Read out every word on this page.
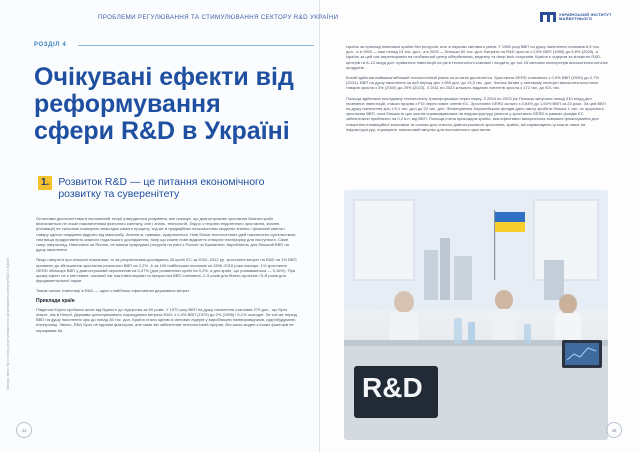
Міжнар. зміни: бути готови до регулювання та фінансування розвитку R&D в Україні
РОЗДІЛ 4
Очікувані ефекти від реформування сфери R&D в Україні
1. Розвиток R&D — це питання економічного розвитку та суверенітету

Останніми десятиліттями в економічній теорії утвердилося розуміння, яке показує, що довгострокове зростання багатих країн визначається не лише накопиченням фізичного капіталу, але і знань, технологій. Згідно з теорією ендогенного зростання, знання (інновації) не сильніше показують внаслідок самого процесу, тод же в традиційних неокласичних моделях знання і фізичний капітал товару одного опадання відрізно від масштабу. Знання ж, навпаки, кумулюються. Нові блоки технологічних ідей накопичено суспільством, тим вища продуктивність кожного подальшого дослідження, тому що кожне нове відкриття створює платформу для наступного. Саме тому, наприклад, Німеччина чи Японія, не маючи природних ресурсів на рівні з Росією чи Бразилією, виробляють для більший ВВП на душу населення.

Якщо говорити про кількісні показники, то за результатами досліджень 28 країн ЄС за 2002–2012 рр. зростання витрат на R&D на 1% ВВП призвело до збільшення зростання реального ВВП на 2,2%. А за 100 найбільших економік за 1996–2015 роки показує: 1% зростання GERD збільшує ВВП у довгостроковій перспективі на 0,07% (для розвинених країн на 0,2%, а для країн, що розвиваються — 0,16%). При цьому ефект не є миттєвим: часовий лаг між інвестиціями та приростом ВВП становить 2–5 років для бізнес-проєктів і 5–8 років для фундаментальної науки.

Таким чином, інвестиції в R&D — одна з найбільш ефективних державних витрат.

Приклади країн

Південна Корея пройшла шлях від бідності до лідерства за 50 років. У 1970 році ВВП на душу населення становив 279 дол., що було нижче, ніж в Нігерії. Держава цілеспрямовано нарощувала витрати R&D: з 0,4% ВВП (1970) до 2% (1995) і 5,1% сьогодні. За той же період ВВП на душу населення зріс до понад 36 тис. дол. Країна стала одним із світових лідерів у виробництві напівпровідників, суднобудуванні, електроніці. Звісно, R&D було не єдиним фактором, але саме він забезпечив технологічний прорив, без якого жоден з інших факторів не спрацював би.

44
ПРОБЛЕМИ РЕГУЛЮВАННЯ ТА СТИМУЛЮВАННЯ СЕКТОРУ R&D УКРАЇНИ	УКРАЇНСЬКИЙ ІНСТИТУТ
МАЙБУТНЬОГО

Ізраїль як приклад невеликої країни без ресурсів, але зі науково світового рівня. У 1980 році ВВП на душу населення становив 6,5 тис. дол., а в 1990 — вже понад 13 тис. дол., а в 2025 — близько 60 тис. дол. Витрати на R&D зросли з 2,5% ВВП (1985) до 6,8% (2025), а Ізраїль за цей час перетворився на глобальний центр кібербезпеки, медтеху та deep-tech стартапів. Країна є лідером за кількістю R&D-центрів та 8–12 млрд дол. приватних інвестицій на рік в технологічні компанії і входить до топ-15 світових експортерів високотехнологічних продуктів.

Китай здійснив наймасштабніший технологічний ривок за останні десятиліття. Зростання GERD становило з 0,9% ВВП (2000) до 2,7% (2024). ВВП на душу населення за цей період зріс з 959 дол. до 13,3 тис. дол. Частка Китаю у світовому експорті високотехнологічних товарів зросла з 3% (2000) до 25% (2023). З 2011 по 2023 кількість виданих патентів зросла з 172 тис. до 921 тис.

Польща здійснила послідовну технологічну трансформацію через науку. З 2004 по 2023 рік Польща залучила понад 310 млрд дол. іноземних інвестицій, сташіи прорвя з FDI через нових членів ЄС. Зростання GERD склало з 0,64% до 1,60% ВВП за 23 роки. За цей ВВП на душу населення зріс з 5,1 тис. дол до 22 тис. дол. Фінансування Європейських фондів дало змогу зробити більше 1 тис. ос щорічного зростання ВВП, хоча більшість цих коштів спрямовувалася на інфраструктуру (внесок у зростання GERD в рамках фондів ЄС забезпечили приблизно на 0,2 в.п. від ВВП. Польща стала прикладом країни, яка ефективно використала зовнішнє фінансування для створення інноваційної економіки та основи для сталого довгострокового зростання, країни, які спрямовують ці кошти лише на інфраструктуру, отримують тимчасовий імпульс для економічного зростання.

R&D
45
